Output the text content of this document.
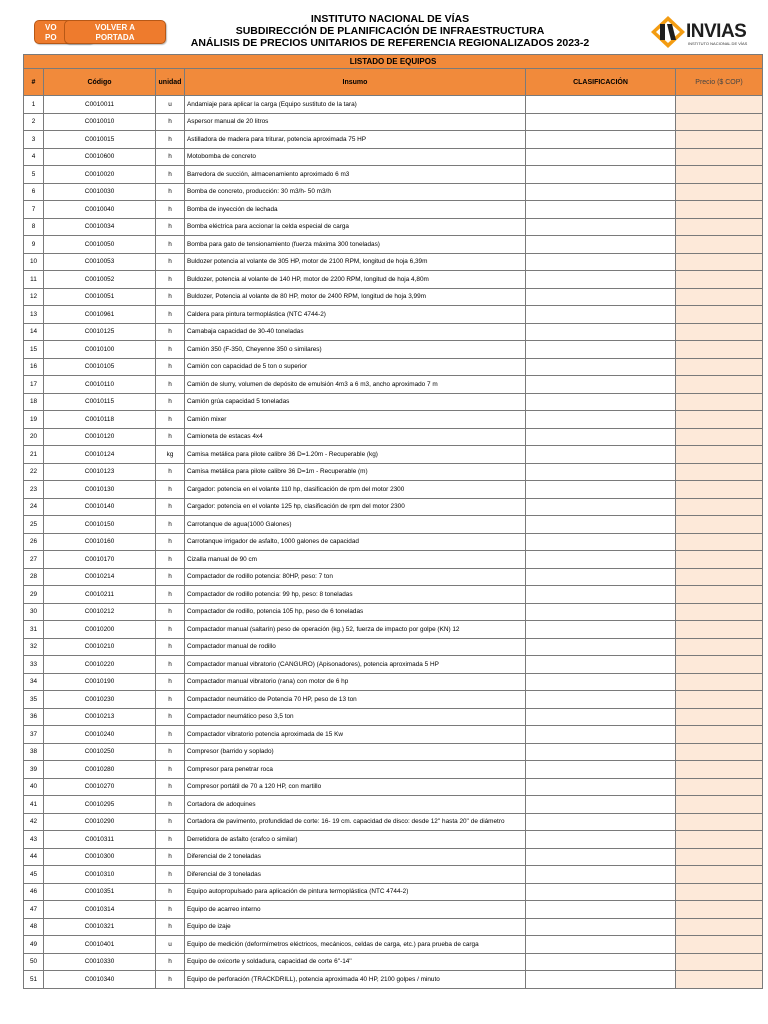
VO
PO
VOLVER A
PORTADA
INSTITUTO NACIONAL DE VÍAS
SUBDIRECCIÓN DE PLANIFICACIÓN DE INFRAESTRUCTURA
ANÁLISIS DE PRECIOS UNITARIOS DE REFERENCIA REGIONALIZADOS 2023-2
INVIAS
INSTITUTO NACIONAL DE VÍAS
LISTADO DE EQUIPOS					
#	Código	unidad	Insumo	CLASIFICACIÓN	Precio ($ COP)
1	C0010011	u	Andamiaje para aplicar la carga (Equipo sustituto de la tara)		
2	C0010010	h	Aspersor manual de 20 litros		
3	C0010015	h	Astilladora de madera para triturar, potencia aproximada 75 HP		
4	C0010600	h	Motobomba de concreto		
5	C0010020	h	Barredora de succión, almacenamiento aproximado 6 m3		
6	C0010030	h	Bomba de concreto, producción: 30 m3/h- 50 m3/h		
7	C0010040	h	Bomba de inyección de lechada		
8	C0010034	h	Bomba eléctrica para accionar la celda especial de carga		
9	C0010050	h	Bomba para gato de tensionamiento (fuerza máxima 300 toneladas)		
10	C0010053	h	Buldozer potencia al volante de 305 HP, motor de 2100 RPM, longitud de hoja 6,39m		
11	C0010052	h	Buldozer, potencia al volante de 140 HP, motor de 2200 RPM, longitud de hoja 4,80m		
12	C0010051	h	Buldozer, Potencia al volante de 80 HP, motor de 2400 RPM, longitud de hoja 3,99m		
13	C0010961	h	Caldera para pintura termoplástica (NTC 4744-2)		
14	C0010125	h	Camabaja capacidad de 30-40 toneladas		
15	C0010100	h	Camión 350 (F-350, Cheyenne 350 o similares)		
16	C0010105	h	Camión con capacidad de 5 ton o superior		
17	C0010110	h	Camión de slurry, volumen de depósito de emulsión 4m3 a 6 m3, ancho aproximado 7 m		
18	C0010115	h	Camión grúa capacidad 5 toneladas		
19	C0010118	h	Camión mixer		
20	C0010120	h	Camioneta de estacas 4x4		
21	C0010124	kg	Camisa metálica para pilote calibre 36 D=1.20m - Recuperable (kg)		
22	C0010123	h	Camisa metálica para pilote calibre 36 D=1m - Recuperable (m)		
23	C0010130	h	Cargador: potencia en el volante 110 hp, clasificación de rpm del motor 2300		
24	C0010140	h	Cargador: potencia en el volante 125 hp, clasificación de rpm del motor 2300		
25	C0010150	h	Carrotanque de agua(1000 Galones)		
26	C0010160	h	Carrotanque irrigador de asfalto, 1000 galones de capacidad		
27	C0010170	h	Cizalla manual de 90 cm		
28	C0010214	h	Compactador de rodillo potencia: 80HP, peso: 7 ton		
29	C0010211	h	Compactador de rodillo potencia: 99 hp, peso: 8 toneladas		
30	C0010212	h	Compactador de rodillo, potencia 105 hp, peso de 6 toneladas		
31	C0010200	h	Compactador manual (saltarín) peso de operación (kg.) 52, fuerza de impacto por golpe (KN) 12		
32	C0010210	h	Compactador manual de rodillo		
33	C0010220	h	Compactador manual vibratorio (CANGURO) (Apisonadores), potencia aproximada 5 HP		
34	C0010190	h	Compactador manual vibratorio (rana) con motor de 6 hp		
35	C0010230	h	Compactador neumático de Potencia 70 HP, peso de 13 ton		
36	C0010213	h	Compactador neumático peso 3,5 ton		
37	C0010240	h	Compactador vibratorio potencia aproximada de 15 Kw		
38	C0010250	h	Compresor (barrido y soplado)		
39	C0010280	h	Compresor para penetrar roca		
40	C0010270	h	Compresor portátil de 70 a 120 HP, con martillo		
41	C0010295	h	Cortadora de adoquines		
42	C0010290	h	Cortadora de pavimento, profundidad de corte: 16- 19 cm. capacidad de disco: desde 12'' hasta 20'' de diámetro		
43	C0010311	h	Derretidora de asfalto (crafco o similar)		
44	C0010300	h	Diferencial de 2 toneladas		
45	C0010310	h	Diferencial de 3 toneladas		
46	C0010351	h	Equipo autopropulsado para aplicación de pintura termoplástica (NTC 4744-2)		
47	C0010314	h	Equipo de acarreo interno		
48	C0010321	h	Equipo de izaje		
49	C0010401	u	Equipo de medición (deformímetros eléctricos, mecánicos, celdas de carga, etc.) para prueba de carga		
50	C0010330	h	Equipo de oxicorte y soldadura, capacidad de corte 6''-14''		
51	C0010340	h	Equipo de perforación (TRACKDRILL), potencia aproximada 40 HP, 2100 golpes / minuto		
